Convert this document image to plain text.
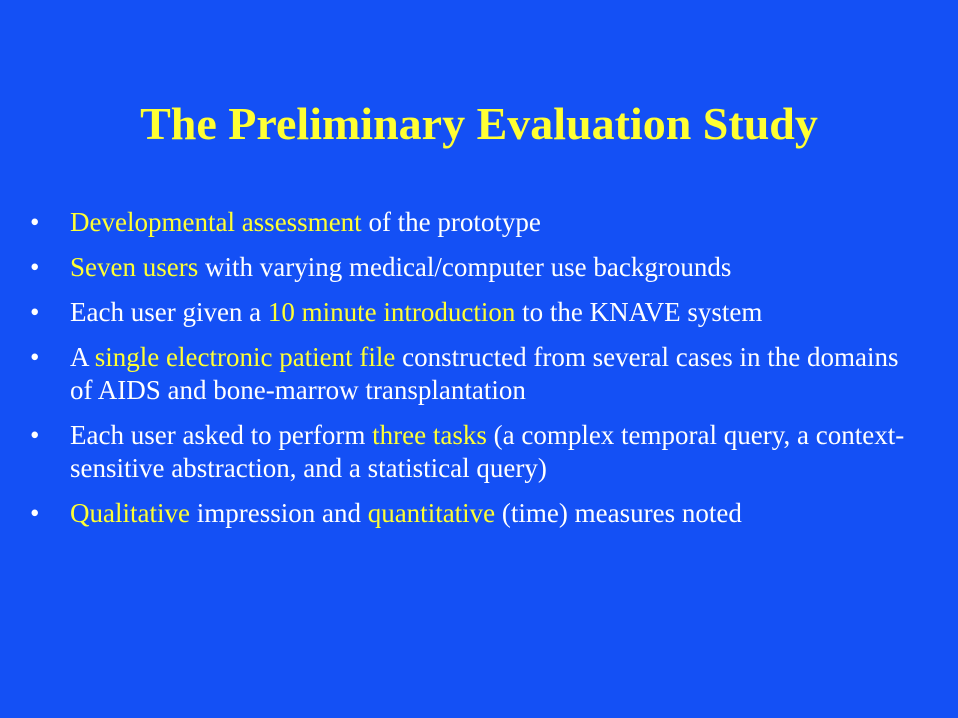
The Preliminary Evaluation Study
• Developmental assessment of the prototype
• Seven users with varying medical/computer use backgrounds
• Each user given a 10 minute introduction to the KNAVE system
• A single electronic patient file constructed from several cases in the domains of AIDS and bone-marrow transplantation
• Each user asked to perform three tasks (a complex temporal query, a context-sensitive abstraction, and a statistical query)
• Qualitative impression and quantitative (time) measures noted
